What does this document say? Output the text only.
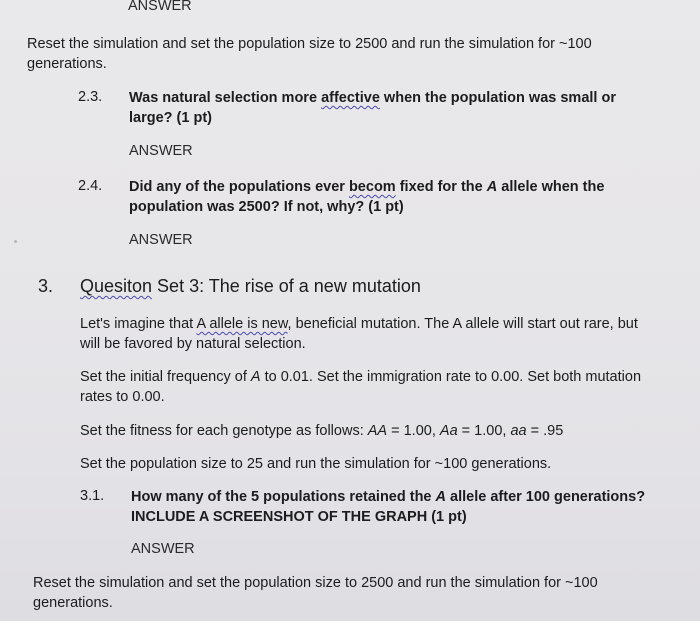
ANSWER
Reset the simulation and set the population size to 2500 and run the simulation for ~100
generations.
2.3. Was natural selection more affective when the population was small or
large? (1 pt)
ANSWER
2.4. Did any of the populations ever becom fixed for the A allele when the
population was 2500? If not, why? (1 pt)
ANSWER
3. Quesiton Set 3: The rise of a new mutation
Let's imagine that A allele is new, beneficial mutation. The A allele will start out rare, but
will be favored by natural selection.
Set the initial frequency of A to 0.01. Set the immigration rate to 0.00. Set both mutation
rates to 0.00.
Set the fitness for each genotype as follows: AA = 1.00, Aa = 1.00, aa = .95
Set the population size to 25 and run the simulation for ~100 generations.
3.1. How many of the 5 populations retained the A allele after 100 generations?
INCLUDE A SCREENSHOT OF THE GRAPH (1 pt)
ANSWER
Reset the simulation and set the population size to 2500 and run the simulation for ~100
generations.
